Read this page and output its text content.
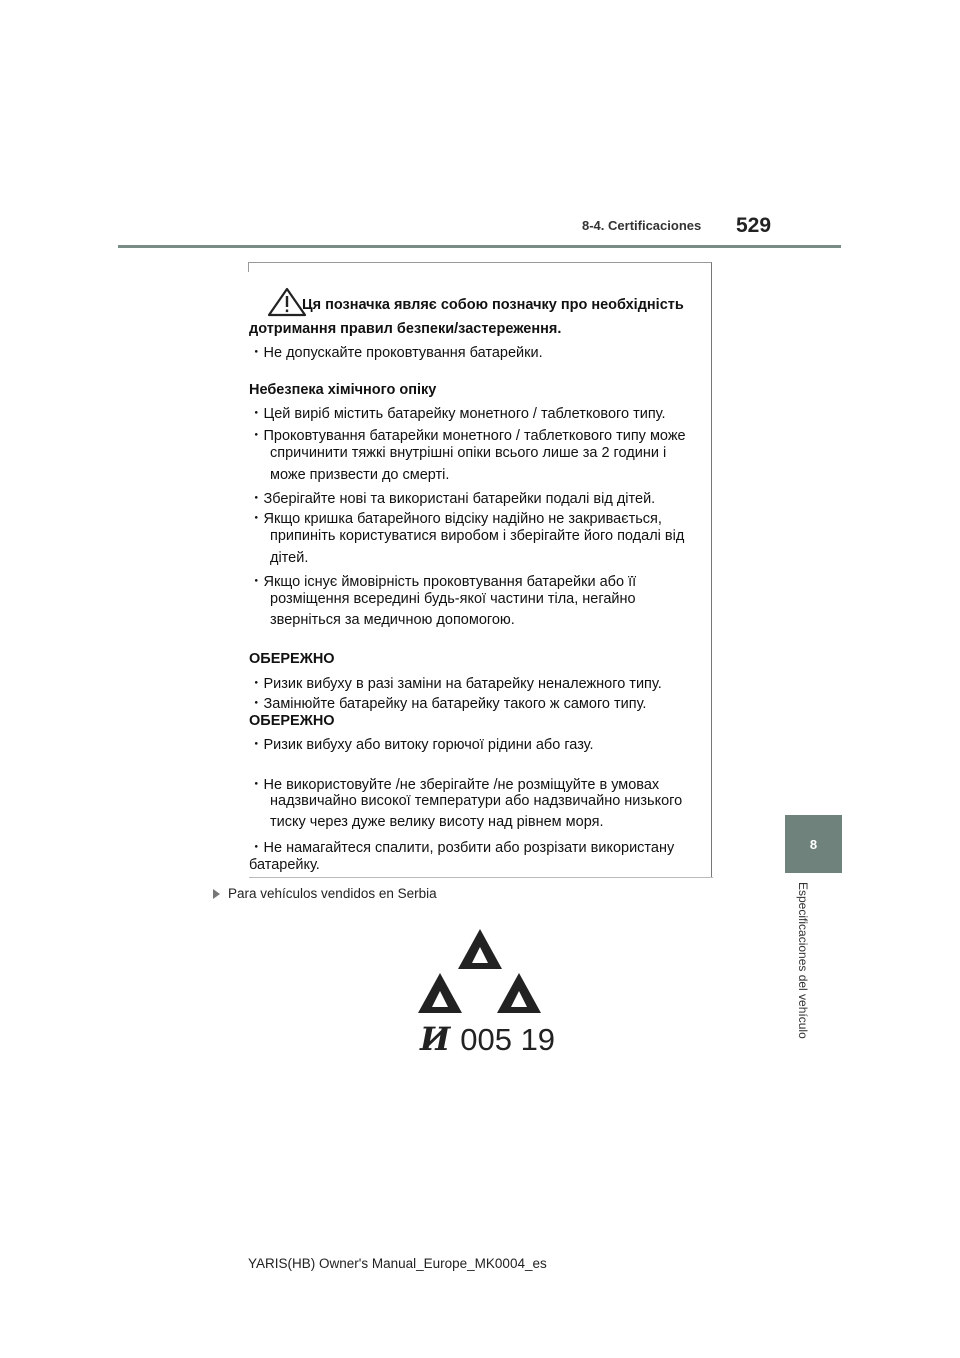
8-4. Certificaciones 529
8
Especificaciones del vehículo
Ця позначка являє собою позначку про необхідність
дотримання правил безпеки/застереження.
・Не допускайте проковтування батарейки.
Небезпека хімічного опіку
・Цей виріб містить батарейку монетного / таблеткового типу.
・Проковтування батарейки монетного / таблеткового типу може
спричинити тяжкі внутрішні опіки всього лише за 2 години і
може призвести до смерті.
・Зберігайте нові та використані батарейки подалі від дітей.
・Якщо кришка батарейного відсіку надійно не закривається,
припиніть користуватися виробом і зберігайте його подалі від
дітей.
・Якщо існує ймовірність проковтування батарейки або її
розміщення всередині будь-якої частини тіла, негайно
зверніться за медичною допомогою.
ОБЕРЕЖНО
・Ризик вибуху в разі заміни на батарейку неналежного типу.
・Замінюйте батарейку на батарейку такого ж самого типу.
ОБЕРЕЖНО
・Ризик вибуху або витоку горючої рідини або газу.
・Не використовуйте /не зберігайте /не розміщуйте в умовах
надзвичайно високої температури або надзвичайно низького
тиску через дуже велику висоту над рівнем моря.
・Не намагайтеся спалити, розбити або розрізати використану
батарейку.
Para vehículos vendidos en Serbia
И 005 19
YARIS(HB) Owner's Manual_Europe_MK0004_es
